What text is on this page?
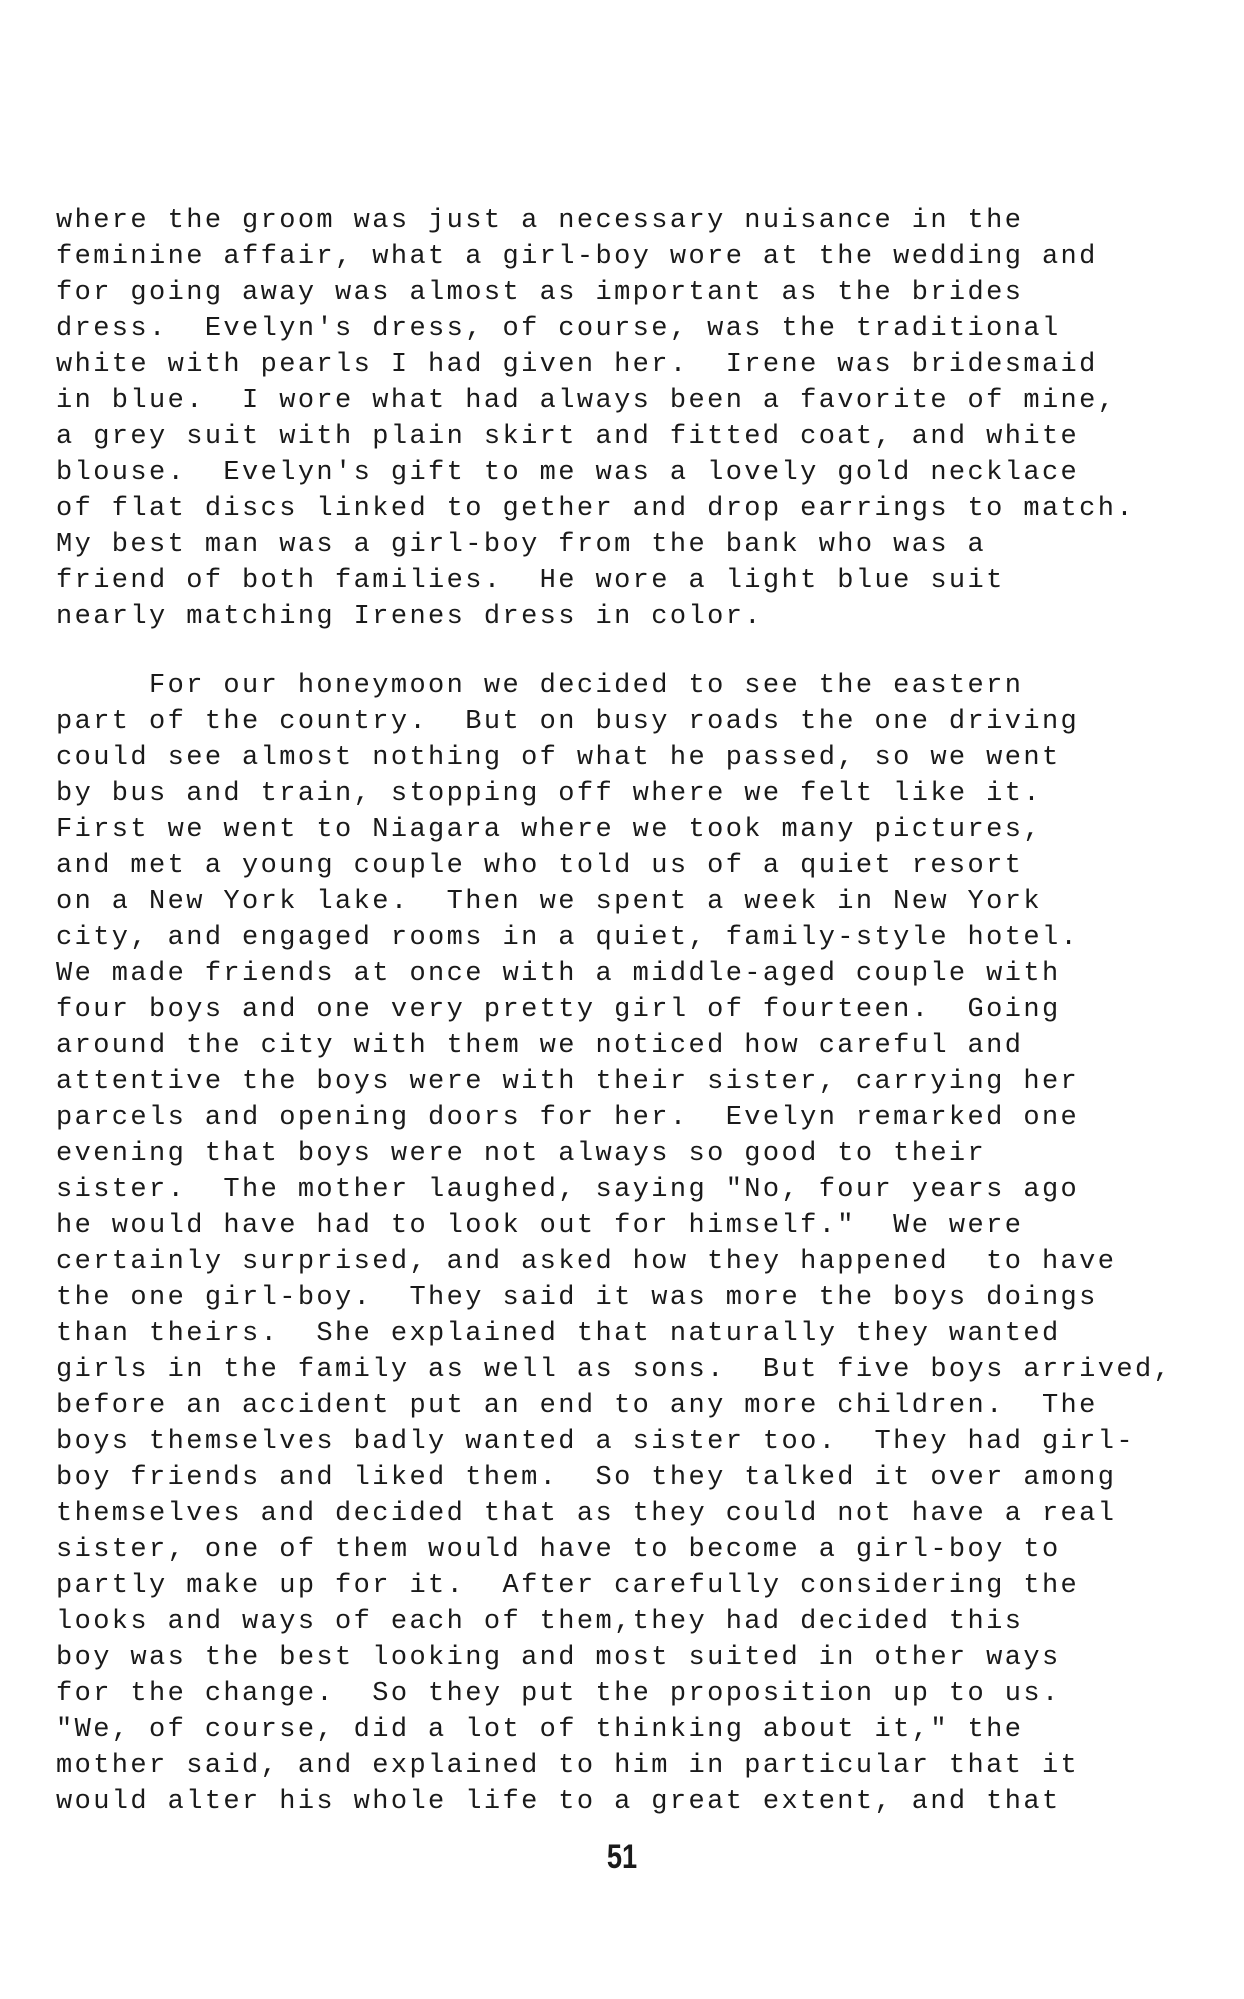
where the groom was just a necessary nuisance in the
feminine affair, what a girl-boy wore at the wedding and
for going away was almost as important as the brides
dress.  Evelyn's dress, of course, was the traditional
white with pearls I had given her.  Irene was bridesmaid
in blue.  I wore what had always been a favorite of mine,
a grey suit with plain skirt and fitted coat, and white
blouse.  Evelyn's gift to me was a lovely gold necklace
of flat discs linked to gether and drop earrings to match.
My best man was a girl-boy from the bank who was a
friend of both families.  He wore a light blue suit
nearly matching Irenes dress in color.
For our honeymoon we decided to see the eastern
part of the country.  But on busy roads the one driving
could see almost nothing of what he passed, so we went
by bus and train, stopping off where we felt like it.
First we went to Niagara where we took many pictures,
and met a young couple who told us of a quiet resort
on a New York lake.  Then we spent a week in New York
city, and engaged rooms in a quiet, family-style hotel.
We made friends at once with a middle-aged couple with
four boys and one very pretty girl of fourteen.  Going
around the city with them we noticed how careful and
attentive the boys were with their sister, carrying her
parcels and opening doors for her.  Evelyn remarked one
evening that boys were not always so good to their
sister.  The mother laughed, saying "No, four years ago
he would have had to look out for himself."  We were
certainly surprised, and asked how they happened  to have
the one girl-boy.  They said it was more the boys doings
than theirs.  She explained that naturally they wanted
girls in the family as well as sons.  But five boys arrived,
before an accident put an end to any more children.  The
boys themselves badly wanted a sister too.  They had girl-
boy friends and liked them.  So they talked it over among
themselves and decided that as they could not have a real
sister, one of them would have to become a girl-boy to
partly make up for it.  After carefully considering the
looks and ways of each of them,they had decided this
boy was the best looking and most suited in other ways
for the change.  So they put the proposition up to us.
"We, of course, did a lot of thinking about it," the
mother said, and explained to him in particular that it
would alter his whole life to a great extent, and that
51
